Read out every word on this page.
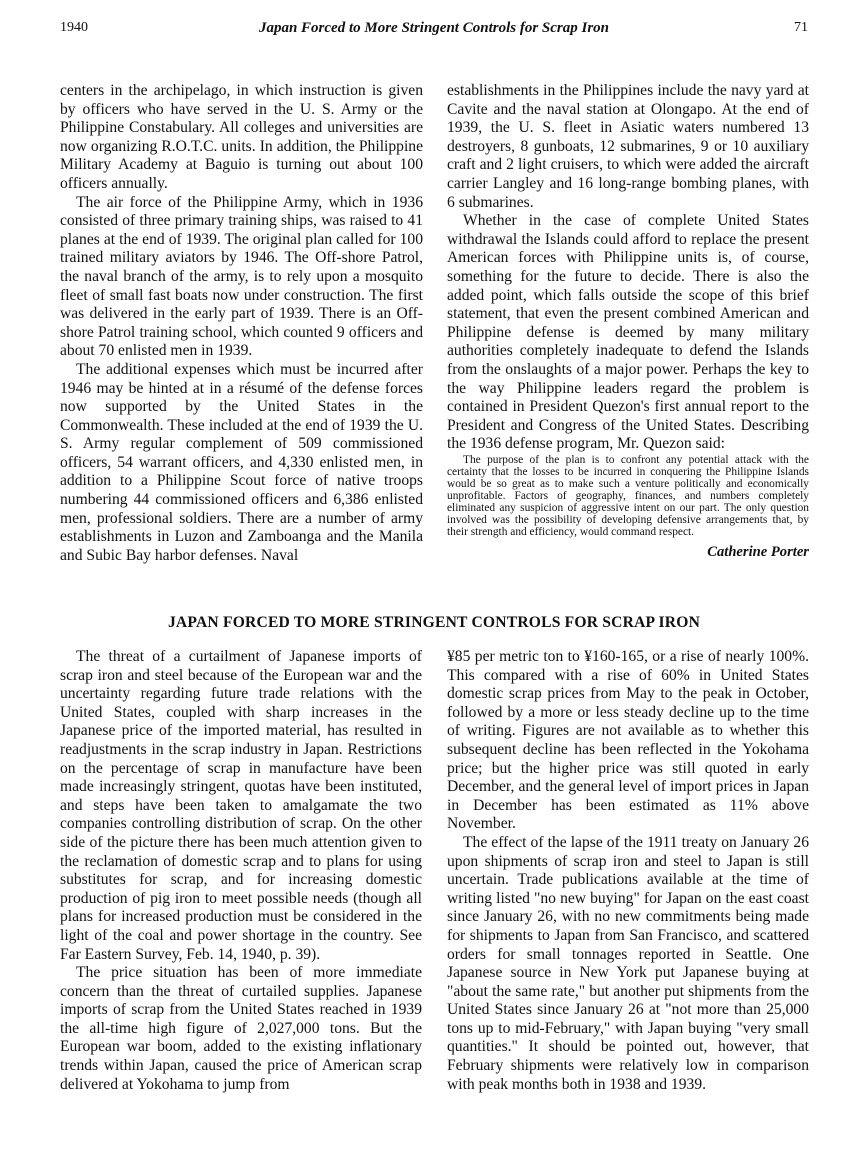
1940	Japan Forced to More Stringent Controls for Scrap Iron	71

centers in the archipelago, in which instruction is given by officers who have served in the U. S. Army or the Philippine Constabulary. All colleges and universities are now organizing R.O.T.C. units. In addition, the Philippine Military Academy at Baguio is turning out about 100 officers annually.

The air force of the Philippine Army, which in 1936 consisted of three primary training ships, was raised to 41 planes at the end of 1939. The original plan called for 100 trained military aviators by 1946. The Off-shore Patrol, the naval branch of the army, is to rely upon a mosquito fleet of small fast boats now under construction. The first was delivered in the early part of 1939. There is an Off-shore Patrol training school, which counted 9 officers and about 70 enlisted men in 1939.

The additional expenses which must be incurred after 1946 may be hinted at in a résumé of the defense forces now supported by the United States in the Commonwealth. These included at the end of 1939 the U. S. Army regular complement of 509 commissioned officers, 54 warrant officers, and 4,330 enlisted men, in addition to a Philippine Scout force of native troops numbering 44 commissioned officers and 6,386 enlisted men, professional soldiers. There are a number of army establishments in Luzon and Zamboanga and the Manila and Subic Bay harbor defenses. Naval

establishments in the Philippines include the navy yard at Cavite and the naval station at Olongapo. At the end of 1939, the U. S. fleet in Asiatic waters numbered 13 destroyers, 8 gunboats, 12 submarines, 9 or 10 auxiliary craft and 2 light cruisers, to which were added the aircraft carrier Langley and 16 long-range bombing planes, with 6 submarines.

Whether in the case of complete United States withdrawal the Islands could afford to replace the present American forces with Philippine units is, of course, something for the future to decide. There is also the added point, which falls outside the scope of this brief statement, that even the present combined American and Philippine defense is deemed by many military authorities completely inadequate to defend the Islands from the onslaughts of a major power. Perhaps the key to the way Philippine leaders regard the problem is contained in President Quezon's first annual report to the President and Congress of the United States. Describing the 1936 defense program, Mr. Quezon said:

The purpose of the plan is to confront any potential attack with the certainty that the losses to be incurred in conquering the Philippine Islands would be so great as to make such a venture politically and economically unprofitable. Factors of geography, finances, and numbers completely eliminated any suspicion of aggressive intent on our part. The only question involved was the possibility of developing defensive arrangements that, by their strength and efficiency, would command respect.

Catherine Porter
JAPAN FORCED TO MORE STRINGENT CONTROLS FOR SCRAP IRON

The threat of a curtailment of Japanese imports of scrap iron and steel because of the European war and the uncertainty regarding future trade relations with the United States, coupled with sharp increases in the Japanese price of the imported material, has resulted in readjustments in the scrap industry in Japan. Restrictions on the percentage of scrap in manufacture have been made increasingly stringent, quotas have been instituted, and steps have been taken to amalgamate the two companies controlling distribution of scrap. On the other side of the picture there has been much attention given to the reclamation of domestic scrap and to plans for using substitutes for scrap, and for increasing domestic production of pig iron to meet possible needs (though all plans for increased production must be considered in the light of the coal and power shortage in the country. See Far Eastern Survey, Feb. 14, 1940, p. 39).

The price situation has been of more immediate concern than the threat of curtailed supplies. Japanese imports of scrap from the United States reached in 1939 the all-time high figure of 2,027,000 tons. But the European war boom, added to the existing inflationary trends within Japan, caused the price of American scrap delivered at Yokohama to jump from

¥85 per metric ton to ¥160-165, or a rise of nearly 100%. This compared with a rise of 60% in United States domestic scrap prices from May to the peak in October, followed by a more or less steady decline up to the time of writing. Figures are not available as to whether this subsequent decline has been reflected in the Yokohama price; but the higher price was still quoted in early December, and the general level of import prices in Japan in December has been estimated as 11% above November.

The effect of the lapse of the 1911 treaty on January 26 upon shipments of scrap iron and steel to Japan is still uncertain. Trade publications available at the time of writing listed "no new buying" for Japan on the east coast since January 26, with no new commitments being made for shipments to Japan from San Francisco, and scattered orders for small tonnages reported in Seattle. One Japanese source in New York put Japanese buying at "about the same rate," but another put shipments from the United States since January 26 at "not more than 25,000 tons up to mid-February," with Japan buying "very small quantities." It should be pointed out, however, that February shipments were relatively low in comparison with peak months both in 1938 and 1939.
